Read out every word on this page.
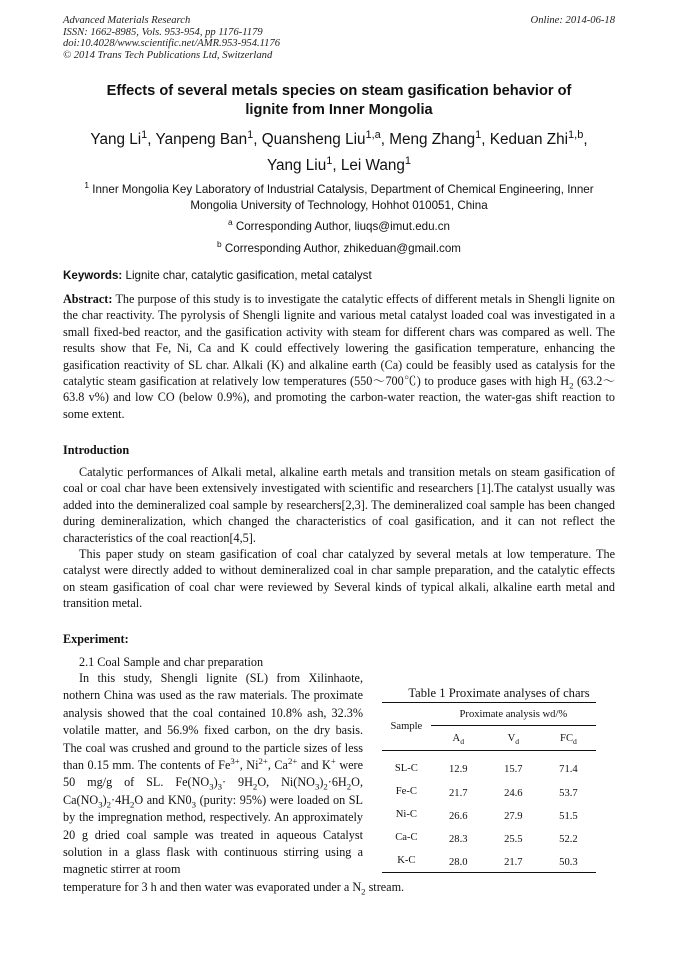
Advanced Materials Research
ISSN: 1662-8985, Vols. 953-954, pp 1176-1179
doi:10.4028/www.scientific.net/AMR.953-954.1176
© 2014 Trans Tech Publications Ltd, Switzerland
Online: 2014-06-18
Effects of several metals species on steam gasification behavior of
lignite from Inner Mongolia
Yang Li$^1$, Yanpeng Ban$^1$, Quansheng Liu$^{1,a}$, Meng Zhang$^1$, Keduan Zhi$^{1,b}$,
Yang Liu$^1$, Lei Wang$^1$
$^1$ Inner Mongolia Key Laboratory of Industrial Catalysis, Department of Chemical Engineering, Inner Mongolia University of Technology, Hohhot 010051, China
$^a$ Corresponding Author, liuqs@imut.edu.cn
$^b$ Corresponding Author, zhikeduan@gmail.com
Keywords: Lignite char, catalytic gasification, metal catalyst
Abstract: The purpose of this study is to investigate the catalytic effects of different metals in Shengli lignite on the char reactivity. The pyrolysis of Shengli lignite and various metal catalyst loaded coal was investigated in a small fixed-bed reactor, and the gasification activity with steam for different chars was compared as well. The results show that Fe, Ni, Ca and K could effectively lowering the gasification temperature, enhancing the gasification reactivity of SL char. Alkali (K) and alkaline earth (Ca) could be feasibly used as catalysis for the catalytic steam gasification at relatively low temperatures (550～700℃) to produce gases with high $H_2$ (63.2～63.8 v%) and low CO (below 0.9%), and promoting the carbon-water reaction, the water-gas shift reaction to some extent.
Introduction

Catalytic performances of Alkali metal, alkaline earth metals and transition metals on steam gasification of coal or coal char have been extensively investigated with scientific and researchers [1].The catalyst usually was added into the demineralized coal sample by researchers[2,3]. The demineralized coal sample has been changed during demineralization, which changed the characteristics of coal gasification, and it can not reflect the characteristics of the coal reaction[4,5].

This paper study on steam gasification of coal char catalyzed by several metals at low temperature. The catalyst were directly added to without demineralized coal in char sample preparation, and the catalytic effects on steam gasification of coal char were reviewed by Several kinds of typical alkali, alkaline earth metal and transition metal.

Experiment:
2.1 Coal Sample and char preparation
In this study, Shengli lignite (SL) from Xilinhaote, nothern China was used as the raw materials. The proximate analysis showed that the coal contained 10.8% ash, 32.3% volatile matter, and 56.9% fixed carbon, on the dry basis. The coal was crushed and ground to the particle sizes of less than 0.15 mm. The contents of $Fe^{3+}$, $Ni^{2+}$, $Ca^{2+}$ and K+ were 50 mg/g of SL. $Fe(NO_3)_3\cdot 9H_2O$, $Ni(NO_3)_2\cdot 6H_2O$, $Ca(NO_3)_2\cdot 4H_2O$ and $KN0_3$ (purity: 95%) were loaded on SL by the impregnation method, respectively. An approximately 20 g dried coal sample was treated in aqueous Catalyst solution in a glass flask with continuous stirring using a magnetic stirrer at room
temperature for 3 h and then water was evaporated under a $N_2$ stream.
Table 1 Proximate analyses of chars
Sample	Proximate analysis wd/%		
	$A_d$	$V_d$	$FC_d$
SL-C	12.9	15.7	71.4
Fe-C	21.7	24.6	53.7
Ni-C	26.6	27.9	51.5
Ca-C	28.3	25.5	52.2
K-C	28.0	21.7	50.3
